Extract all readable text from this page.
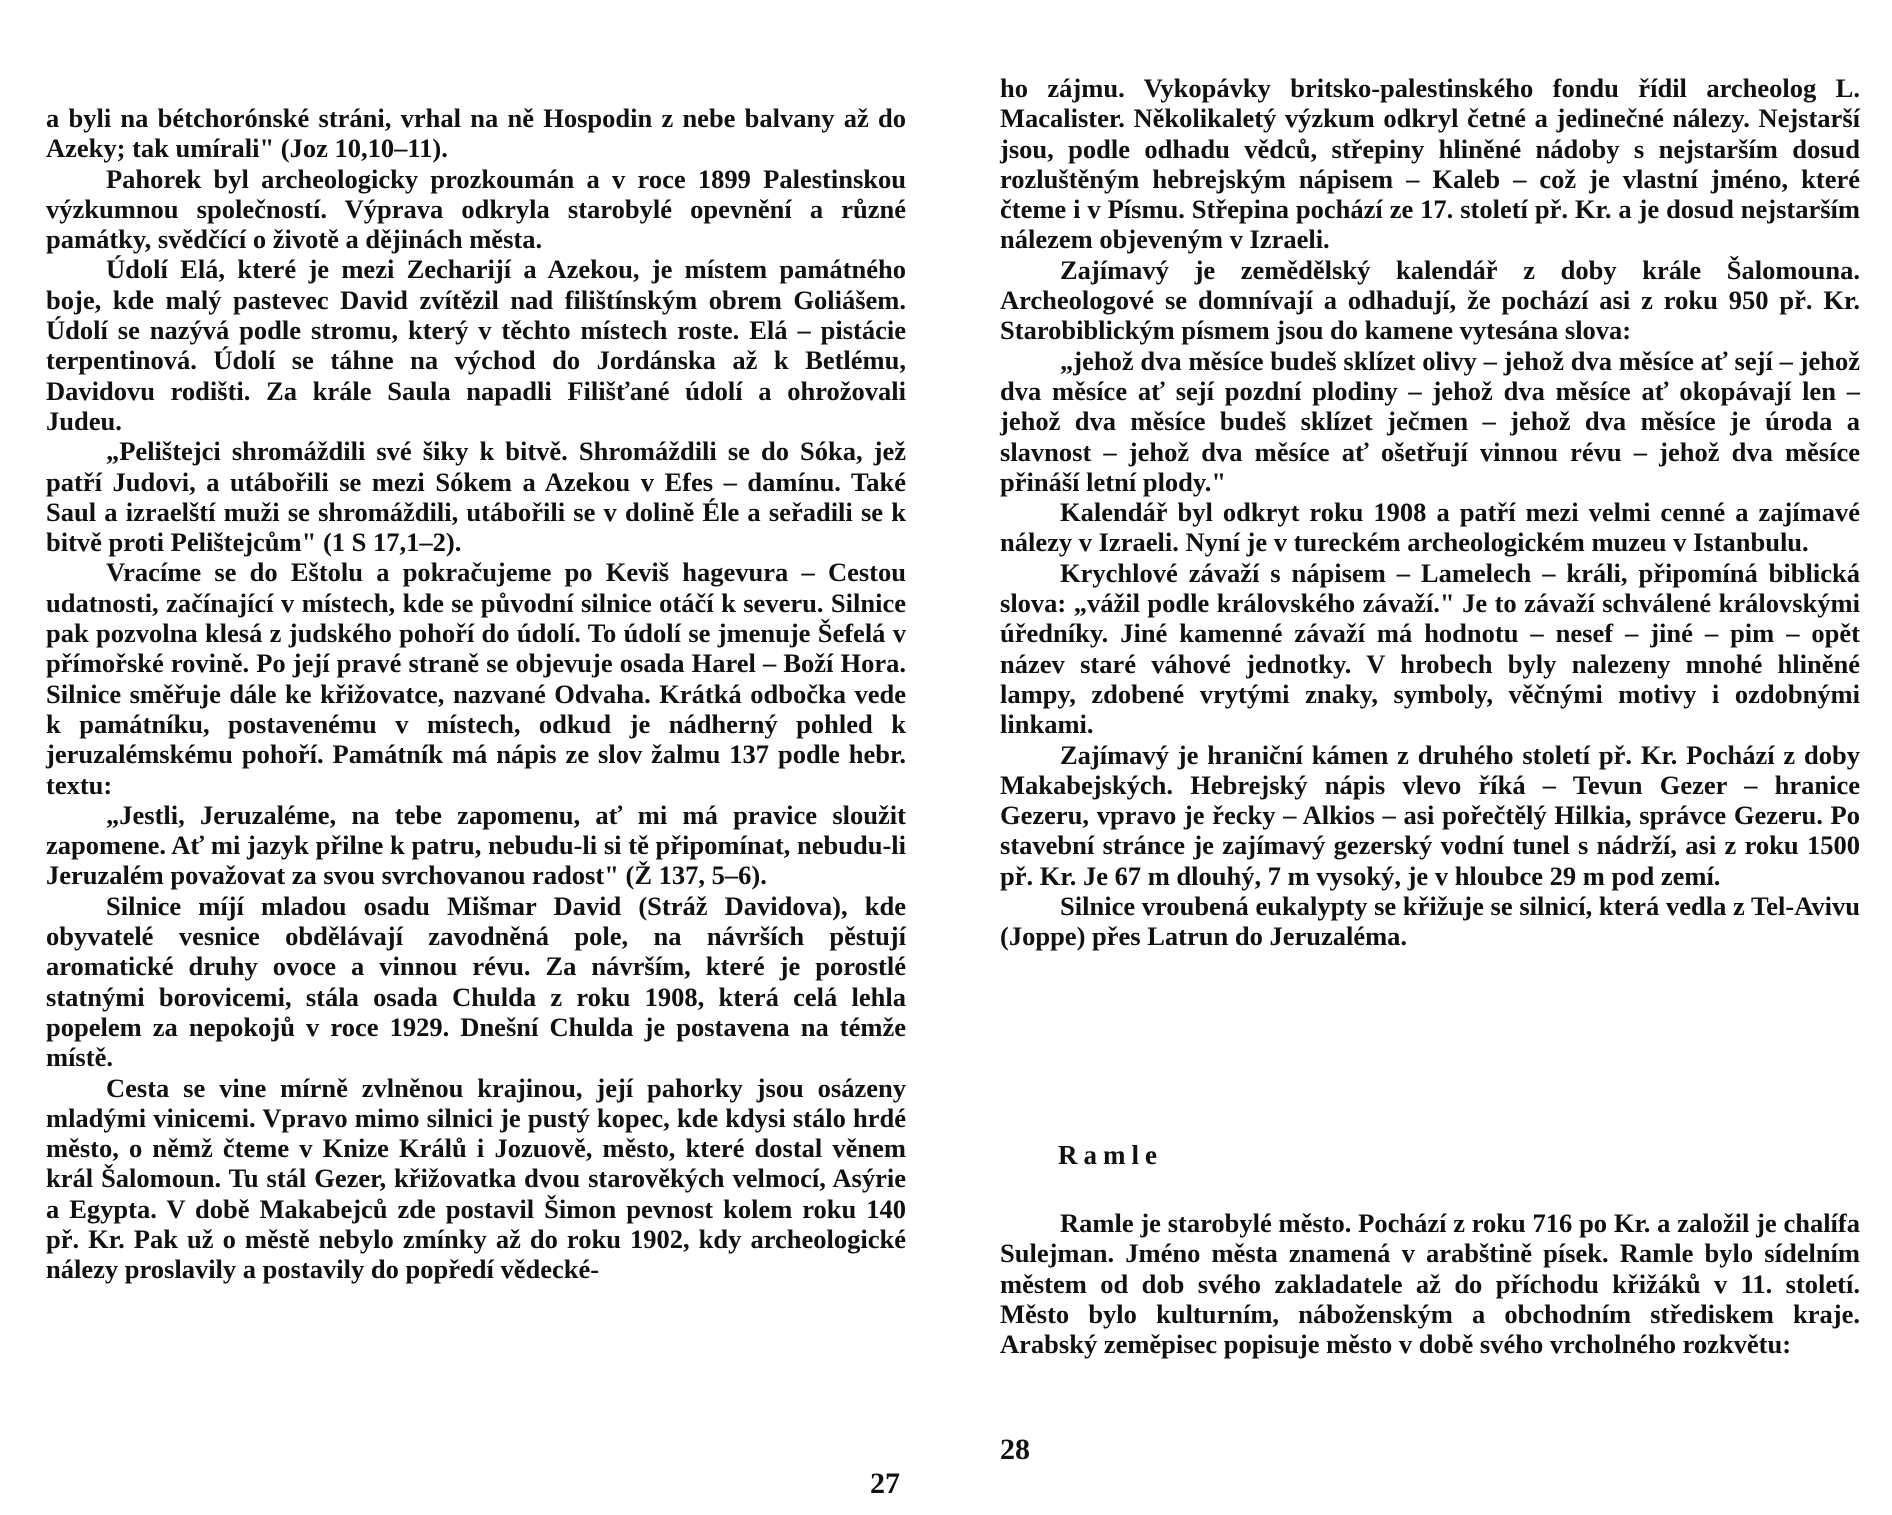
a byli na bétchorónské stráni, vrhal na ně Hospodin z nebe balvany až do Azeky; tak umírali" (Joz 10,10–11).

Pahorek byl archeologicky prozkoumán a v roce 1899 Palestinskou výzkumnou společností. Výprava odkryla starobylé opevnění a různé památky, svědčící o životě a dějinách města.

Údolí Elá, které je mezi Zecharijí a Azekou, je místem památného boje, kde malý pastevec David zvítězil nad filištínským obrem Goliášem. Údolí se nazývá podle stromu, který v těchto místech roste. Elá – pistácie terpentinová. Údolí se táhne na východ do Jordánska až k Betlému, Davidovu rodišti. Za krále Saula napadli Filišťané údolí a ohrožovali Judeu.

„Pelištejci shromáždili své šiky k bitvě. Shromáždili se do Sóka, jež patří Judovi, a utábořili se mezi Sókem a Azekou v Efes – damínu. Také Saul a izraelští muži se shromáždili, utábořili se v dolině Éle a seřadili se k bitvě proti Pelištejcům" (1 S 17,1–2).

Vracíme se do Eštolu a pokračujeme po Keviš hagevura – Cestou udatnosti, začínající v místech, kde se původní silnice otáčí k severu. Silnice pak pozvolna klesá z judského pohoří do údolí. To údolí se jmenuje Šefelá v přímořské rovině. Po její pravé straně se objevuje osada Harel – Boží Hora. Silnice směřuje dále ke křižovatce, nazvané Odvaha. Krátká odbočka vede k památníku, postavenému v místech, odkud je nádherný pohled k jeruzalémskému pohoří. Památník má nápis ze slov žalmu 137 podle hebr. textu:

„Jestli, Jeruzaléme, na tebe zapomenu, ať mi má pravice sloužit zapomene. Ať mi jazyk přilne k patru, nebudu-li si tě připomínat, nebudu-li Jeruzalém považovat za svou svrchovanou radost" (Ž 137, 5–6).

Silnice míjí mladou osadu Mišmar David (Stráž Davidova), kde obyvatelé vesnice obdělávají zavodněná pole, na návrších pěstují aromatické druhy ovoce a vinnou révu. Za návrším, které je porostlé statnými borovicemi, stála osada Chulda z roku 1908, která celá lehla popelem za nepokojů v roce 1929. Dnešní Chulda je postavena na témže místě.

Cesta se vine mírně zvlněnou krajinou, její pahorky jsou osázeny mladými vinicemi. Vpravo mimo silnici je pustý kopec, kde kdysi stálo hrdé město, o němž čteme v Knize Králů i Jozuově, město, které dostal věnem král Šalomoun. Tu stál Gezer, křižovatka dvou starověkých velmocí, Asýrie a Egypta. V době Makabejců zde postavil Šimon pevnost kolem roku 140 př. Kr. Pak už o městě nebylo zmínky až do roku 1902, kdy archeologické nálezy proslavily a postavily do popředí vědecké-

27

ho zájmu. Vykopávky britsko-palestinského fondu řídil archeolog L. Macalister. Několikaletý výzkum odkryl četné a jedinečné nálezy. Nejstarší jsou, podle odhadu vědců, střepiny hliněné nádoby s nejstarším dosud rozluštěným hebrejským nápisem – Kaleb – což je vlastní jméno, které čteme i v Písmu. Střepina pochází ze 17. století př. Kr. a je dosud nejstarším nálezem objeveným v Izraeli.

Zajímavý je zemědělský kalendář z doby krále Šalomouna. Archeologové se domnívají a odhadují, že pochází asi z roku 950 př. Kr. Starobiblickým písmem jsou do kamene vytesána slova:

„jehož dva měsíce budeš sklízet olivy – jehož dva měsíce ať sejí – jehož dva měsíce ať sejí pozdní plodiny – jehož dva měsíce ať okopávají len – jehož dva měsíce budeš sklízet ječmen – jehož dva měsíce je úroda a slavnost – jehož dva měsíce ať ošetřují vinnou révu – jehož dva měsíce přináší letní plody."

Kalendář byl odkryt roku 1908 a patří mezi velmi cenné a zajímavé nálezy v Izraeli. Nyní je v tureckém archeologickém muzeu v Istanbulu.

Krychlové závaží s nápisem – Lamelech – králi, připomíná biblická slova: „vážil podle královského závaží." Je to závaží schválené královskými úředníky. Jiné kamenné závaží má hodnotu – nesef – jiné – pim – opět název staré váhové jednotky. V hrobech byly nalezeny mnohé hliněné lampy, zdobené vrytými znaky, symboly, věčnými motivy i ozdobnými linkami.

Zajímavý je hraniční kámen z druhého století př. Kr. Pochází z doby Makabejských. Hebrejský nápis vlevo říká – Tevun Gezer – hranice Gezeru, vpravo je řecky – Alkios – asi pořečtělý Hilkia, správce Gezeru. Po stavební stránce je zajímavý gezerský vodní tunel s nádrží, asi z roku 1500 př. Kr. Je 67 m dlouhý, 7 m vysoký, je v hloubce 29 m pod zemí.

Silnice vroubená eukalypty se křižuje se silnicí, která vedla z Tel-Avivu (Joppe) přes Latrun do Jeruzaléma.

Ramle

Ramle je starobylé město. Pochází z roku 716 po Kr. a založil je chalífa Sulejman. Jméno města znamená v arabštině písek. Ramle bylo sídelním městem od dob svého zakladatele až do příchodu křižáků v 11. století. Město bylo kulturním, náboženským a obchodním střediskem kraje. Arabský zeměpisec popisuje město v době svého vrcholného rozkvětu:

28
